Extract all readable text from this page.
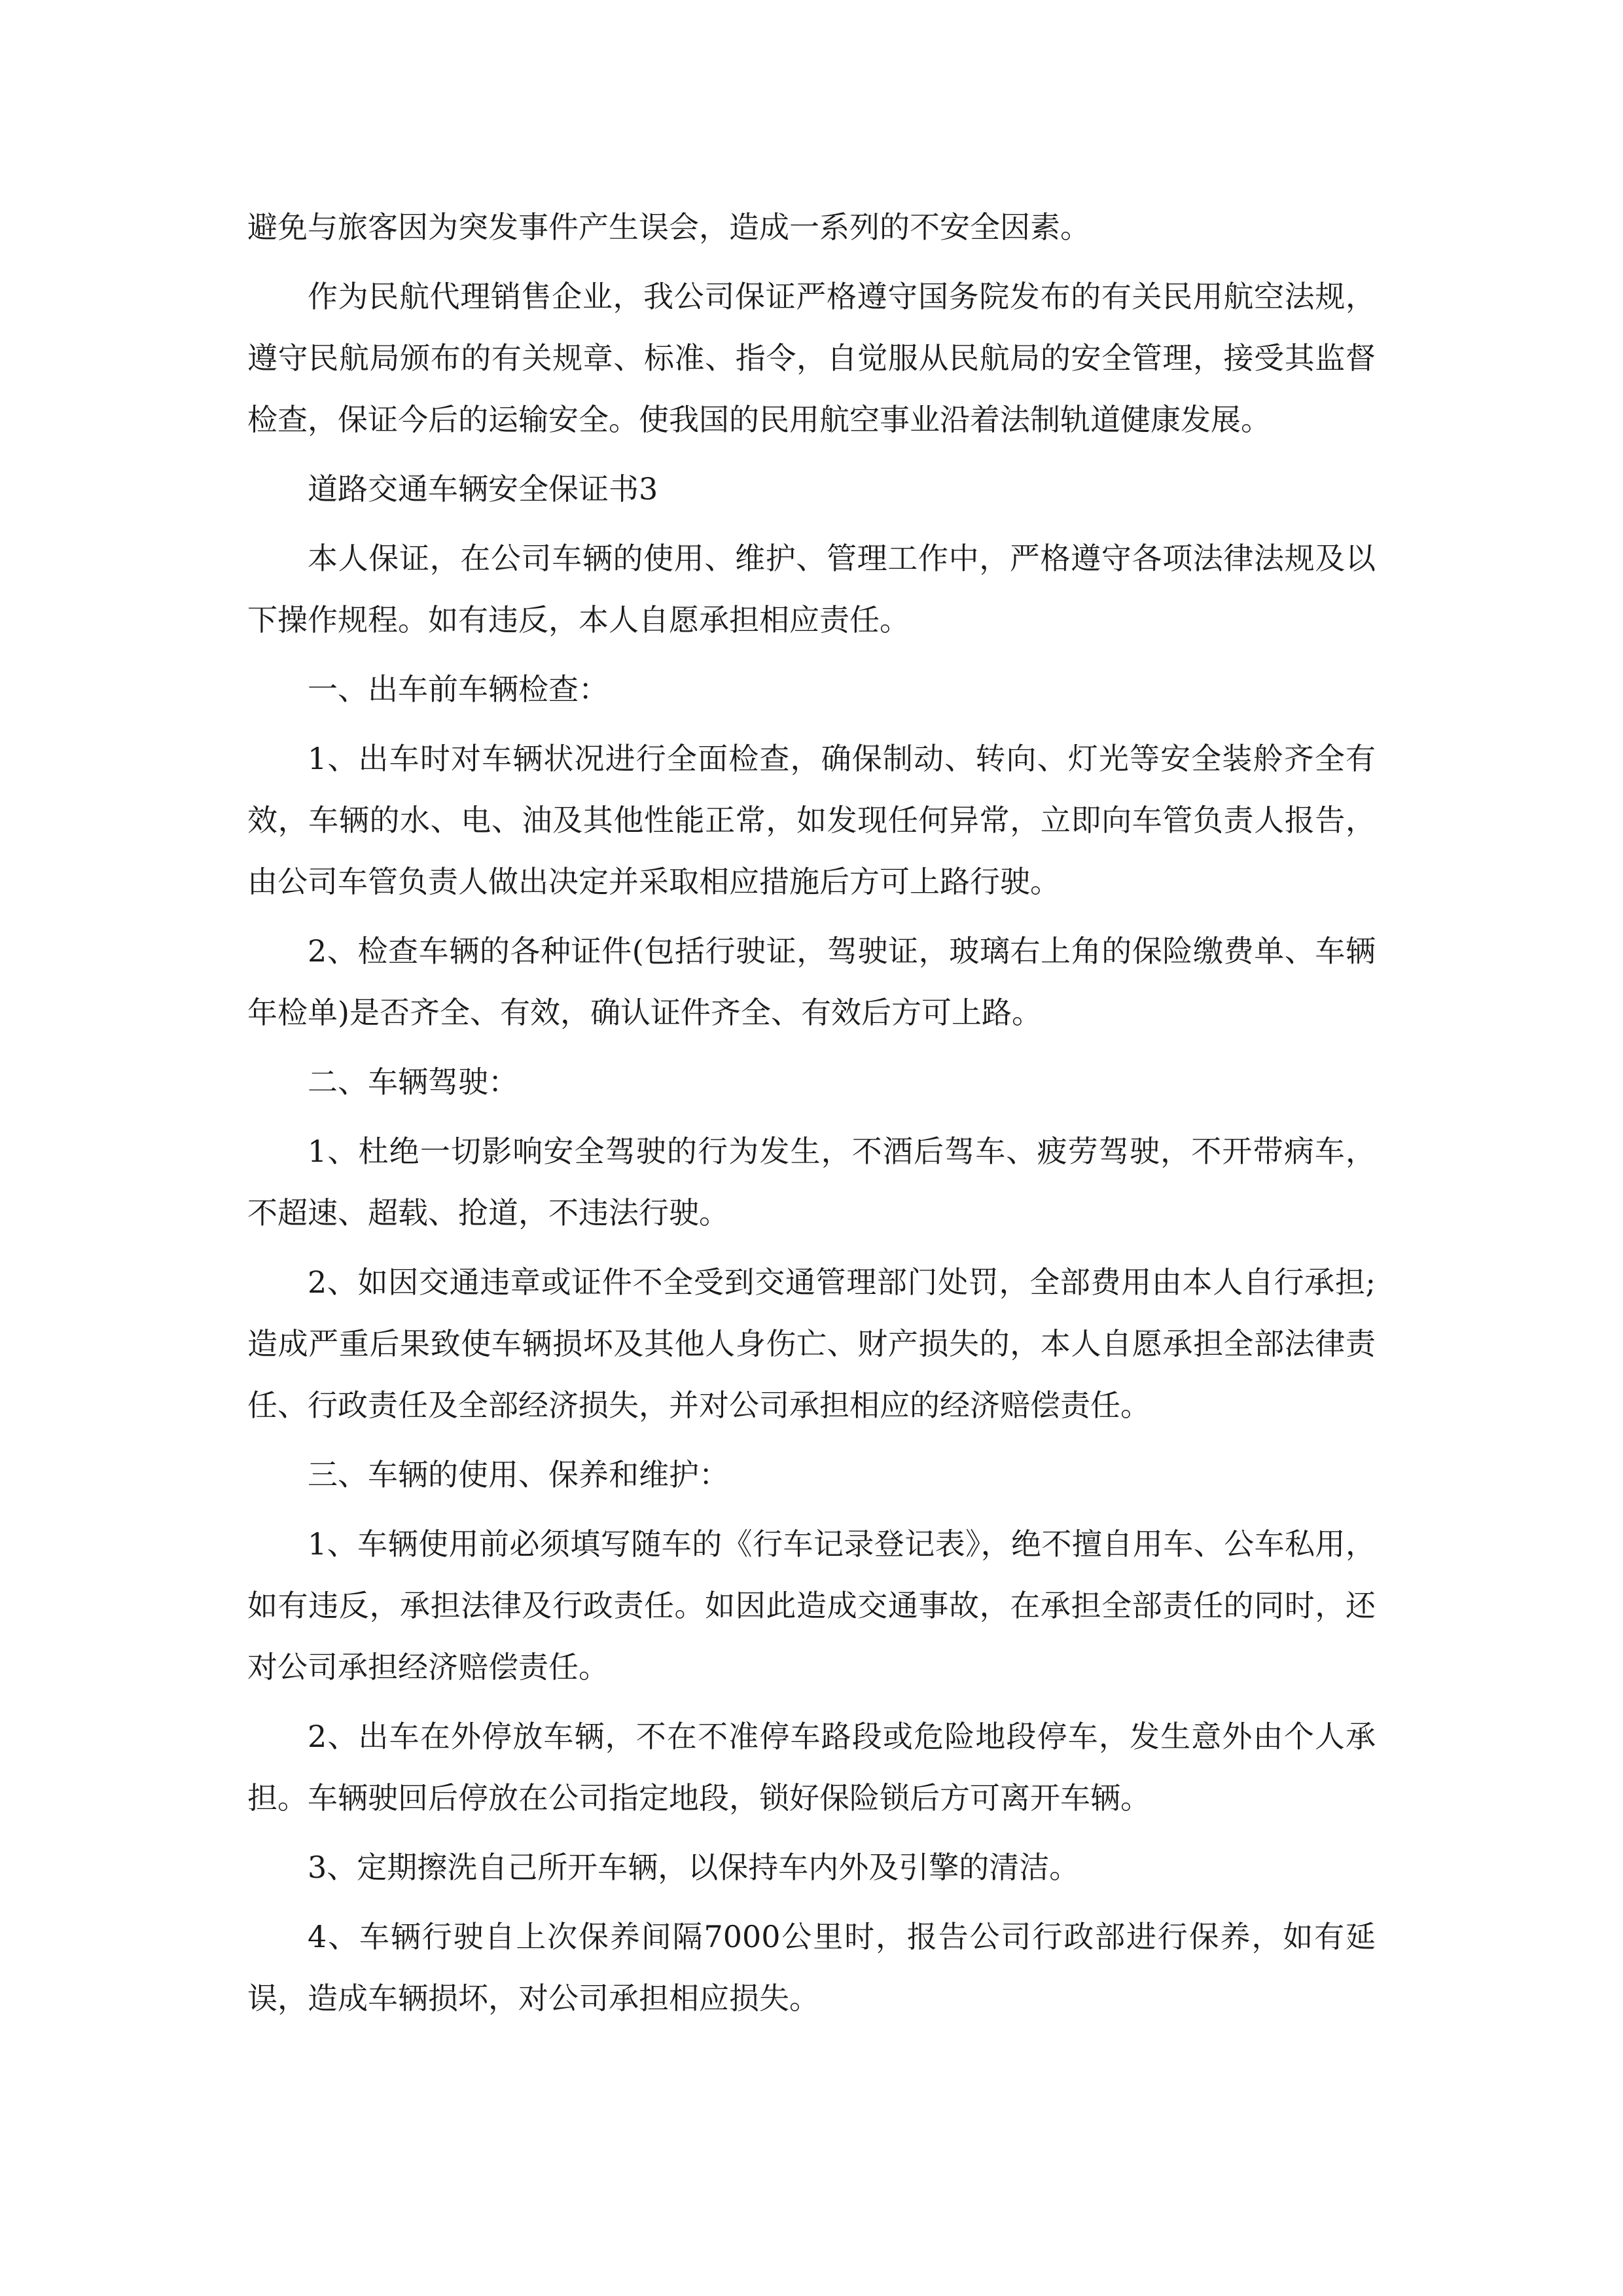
避免与旅客因为突发事件产生误会，造成一系列的不安全因素。

作为民航代理销售企业，我公司保证严格遵守国务院发布的有关民用航空法规，遵守民航局颁布的有关规章、标准、指令，自觉服从民航局的安全管理，接受其监督检查，保证今后的运输安全。使我国的民用航空事业沿着法制轨道健康发展。

道路交通车辆安全保证书3

本人保证，在公司车辆的使用、维护、管理工作中，严格遵守各项法律法规及以下操作规程。如有违反，本人自愿承担相应责任。

一、出车前车辆检查：

1、出车时对车辆状况进行全面检查，确保制动、转向、灯光等安全装舲齐全有效，车辆的水、电、油及其他性能正常，如发现任何异常，立即向车管负责人报告，由公司车管负责人做出决定并采取相应措施后方可上路行驶。

2、检查车辆的各种证件(包括行驶证，驾驶证，玻璃右上角的保险缴费单、车辆年检单)是否齐全、有效，确认证件齐全、有效后方可上路。

二、车辆驾驶：

1、杜绝一切影响安全驾驶的行为发生，不酒后驾车、疲劳驾驶，不开带病车，不超速、超载、抢道，不违法行驶。

2、如因交通违章或证件不全受到交通管理部门处罚，全部费用由本人自行承担;造成严重后果致使车辆损坏及其他人身伤亡、财产损失的，本人自愿承担全部法律责任、行政责任及全部经济损失，并对公司承担相应的经济赔偿责任。

三、车辆的使用、保养和维护：

1、车辆使用前必须填写随车的《行车记录登记表》，绝不擅自用车、公车私用，如有违反，承担法律及行政责任。如因此造成交通事故，在承担全部责任的同时，还对公司承担经济赔偿责任。

2、出车在外停放车辆，不在不准停车路段或危险地段停车，发生意外由个人承担。车辆驶回后停放在公司指定地段，锁好保险锁后方可离开车辆。

3、定期擦洗自己所开车辆，以保持车内外及引擎的清洁。

4、车辆行驶自上次保养间隔7000公里时，报告公司行政部进行保养，如有延误，造成车辆损坏，对公司承担相应损失。
